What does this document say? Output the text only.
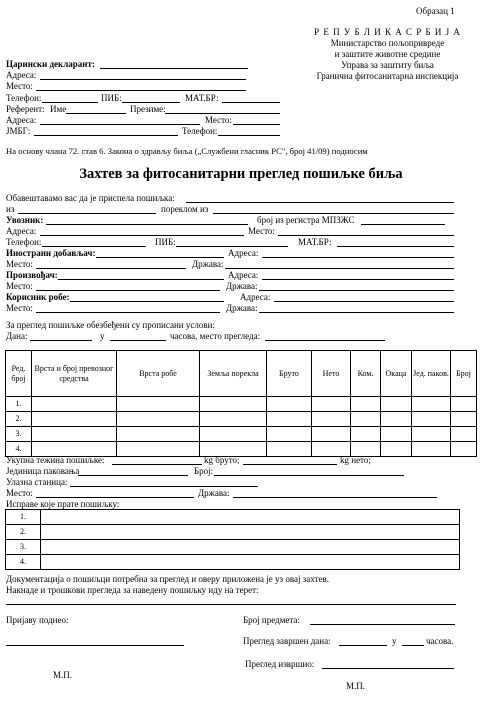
Образац 1
Р Е П У Б Л И К А С Р Б И Ј А
Министарство пољопривреде
и заштите животне средине
Управа за заштиту биља
Гранична фитосанитарна инспекција
Царински декларант:
Адреса:
Место:
Телефон:	ПИБ:	МАТ.БР:
Референт: Име	Презиме:
Адреса:	Место:
ЈМБГ:	Телефон:
На основу члана 72. став 6. Закона о здрављу биља („Службени гласник РС", број 41/09) подносим
Захтев за фитосанитарни преглед пошиљке биља
Обавештавамо вас да је приспела пошиљка:
из	пореклом из
Увозник:	број из регистра МПЗЖС
Адреса:	Место:
Телефон:	ПИБ:	МАТ.БР:
Инострани добављач:	Адреса:
Место:	Држава:
Произвођач:	Адреса:
Место:	Држава:
Корисник робе:	Адреса:
Место:	Држава:
За преглед пошиљке обезбеђени су прописани услови:
Дана:	у	часова, место прегледа:
Ред. број	Врста и број превозног средства	Врста робе	Земља порекла	Бруто	Нето	Ком.	Окаца	Јед. паков.	Број
1.									
2.									
3.									
4.									
Укупна тежина пошиљке:	kg бруто;	kg нето;
Јединица паковања	Број:
Улазна станица:
Место:	Држава:
Исправе које прате пошиљку:
1.	
2.	
3.	
4.	
Документација о пошиљци потребна за преглед и оверу приложена је уз овај захтев.
Накнаде и трошкови прегледа за наведену пошиљку иду на терет:
Пријаву поднео:	Број предмета:
Преглед завршен дана:	у	часова.
Преглед извршио:
М.П.
М.П.
